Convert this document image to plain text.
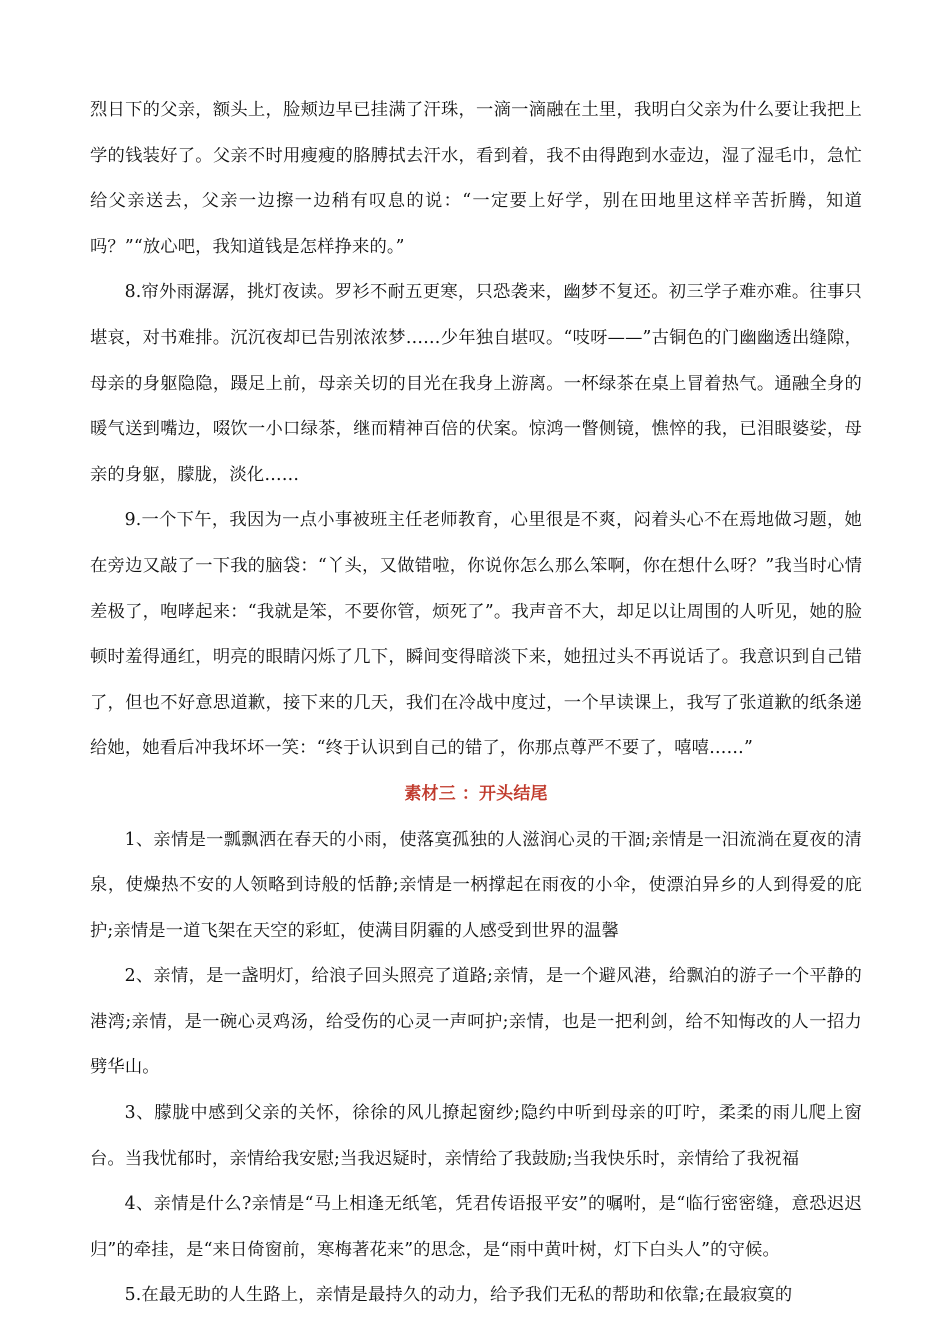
烈日下的父亲，额头上，脸颊边早已挂满了汗珠，一滴一滴融在土里，我明白父亲为什么要让我把上学的钱装好了。父亲不时用瘦瘦的胳膊拭去汗水，看到着，我不由得跑到水壶边，湿了湿毛巾，急忙给父亲送去，父亲一边擦一边稍有叹息的说：“一定要上好学，别在田地里这样辛苦折腾，知道吗？”“放心吧，我知道钱是怎样挣来的。”

8.帘外雨潺潺，挑灯夜读。罗衫不耐五更寒，只恐袭来，幽梦不复还。初三学子难亦难。往事只堪哀，对书难排。沉沉夜却已告别浓浓梦……少年独自堪叹。“吱呀——”古铜色的门幽幽透出缝隙，母亲的身躯隐隐，蹑足上前，母亲关切的目光在我身上游离。一杯绿茶在桌上冒着热气。通融全身的暖气送到嘴边，啜饮一小口绿茶，继而精神百倍的伏案。惊鸿一瞥侧镜，憔悴的我，已泪眼婆娑，母亲的身躯，朦胧，淡化……

9.一个下午，我因为一点小事被班主任老师教育，心里很是不爽，闷着头心不在焉地做习题，她在旁边又敲了一下我的脑袋：“丫头，又做错啦，你说你怎么那么笨啊，你在想什么呀？”我当时心情差极了，咆哮起来：“我就是笨，不要你管，烦死了”。我声音不大，却足以让周围的人听见，她的脸顿时羞得通红，明亮的眼睛闪烁了几下，瞬间变得暗淡下来，她扭过头不再说话了。我意识到自己错了，但也不好意思道歉，接下来的几天，我们在冷战中度过，一个早读课上，我写了张道歉的纸条递给她，她看后冲我坏坏一笑：“终于认识到自己的错了，你那点尊严不要了，嘻嘻……”

素材三 ：开头结尾

1、亲情是一瓢飘洒在春天的小雨，使落寞孤独的人滋润心灵的干涸;亲情是一汨流淌在夏夜的清泉，使燥热不安的人领略到诗般的恬静;亲情是一柄撑起在雨夜的小伞，使漂泊异乡的人到得爱的庇护;亲情是一道飞架在天空的彩虹，使满目阴霾的人感受到世界的温馨

2、亲情，是一盏明灯，给浪子回头照亮了道路;亲情，是一个避风港，给飘泊的游子一个平静的港湾;亲情，是一碗心灵鸡汤，给受伤的心灵一声呵护;亲情，也是一把利剑，给不知悔改的人一招力劈华山。

3、朦胧中感到父亲的关怀，徐徐的风儿撩起窗纱;隐约中听到母亲的叮咛，柔柔的雨儿爬上窗台。当我忧郁时，亲情给我安慰;当我迟疑时，亲情给了我鼓励;当我快乐时，亲情给了我祝福

4、亲情是什么?亲情是“马上相逢无纸笔，凭君传语报平安”的嘱咐，是“临行密密缝，意恐迟迟归”的牵挂，是“来日倚窗前，寒梅著花来”的思念，是“雨中黄叶树，灯下白头人”的守候。

5.在最无助的人生路上，亲情是最持久的动力，给予我们无私的帮助和依靠;在最寂寞的
